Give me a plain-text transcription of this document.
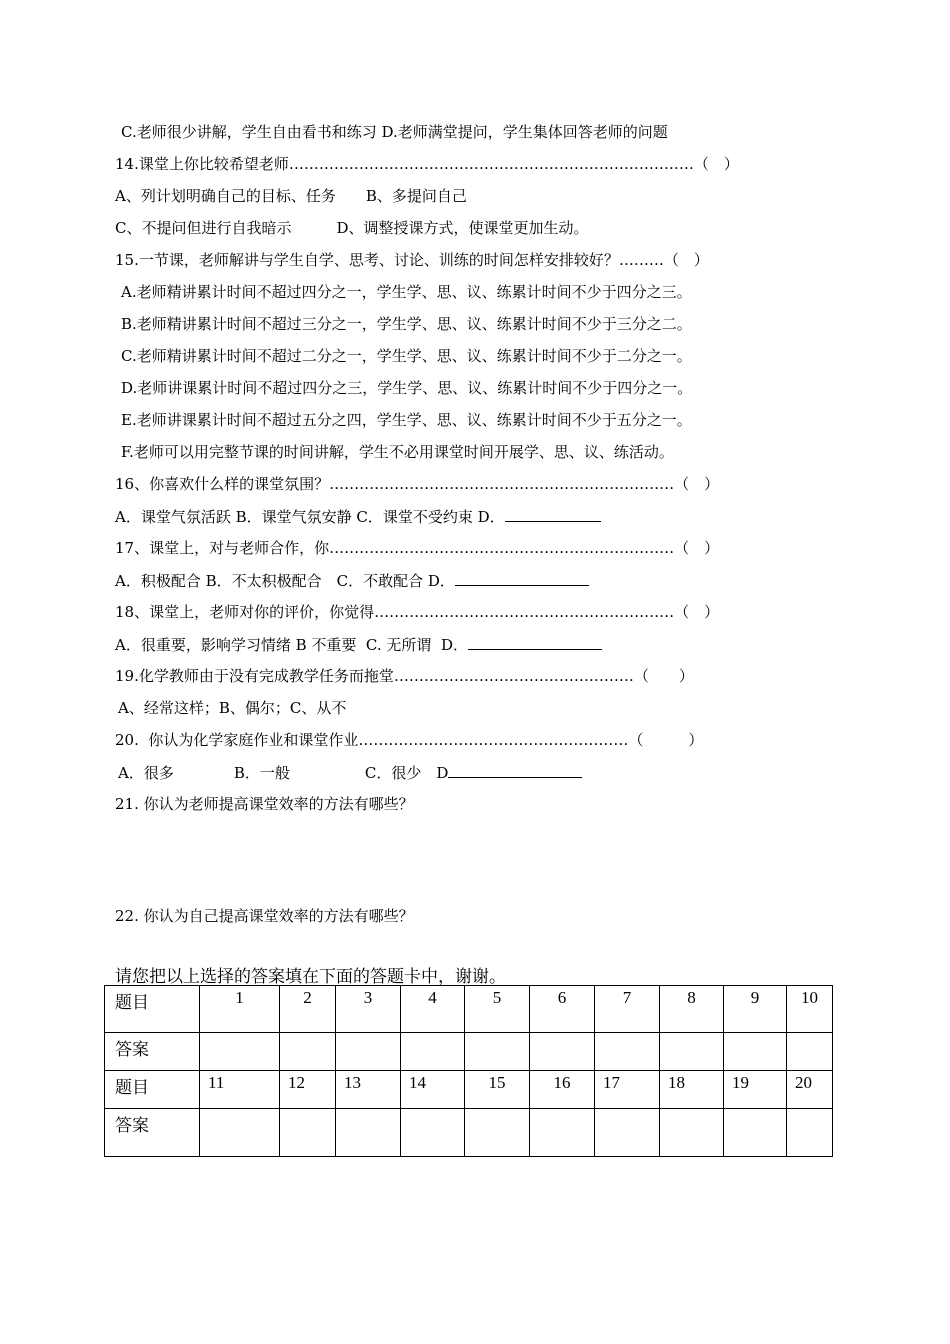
C.老师很少讲解，学生自由看书和练习 D.老师满堂提问，学生集体回答老师的问题
14.课堂上你比较希望老师………………………………………………………………………（　）
A、列计划明确自己的目标、任务　　B、多提问自己
C、不提问但进行自我暗示　　　D、调整授课方式，使课堂更加生动。
15.一节课，老师解讲与学生自学、思考、讨论、训练的时间怎样安排较好？………（　）
A.老师精讲累计时间不超过四分之一，学生学、思、议、练累计时间不少于四分之三。
B.老师精讲累计时间不超过三分之一，学生学、思、议、练累计时间不少于三分之二。
C.老师精讲累计时间不超过二分之一，学生学、思、议、练累计时间不少于二分之一。
D.老师讲课累计时间不超过四分之三，学生学、思、议、练累计时间不少于四分之一。
E.老师讲课累计时间不超过五分之四，学生学、思、议、练累计时间不少于五分之一。
F.老师可以用完整节课的时间讲解，学生不必用课堂时间开展学、思、议、练活动。
16、你喜欢什么样的课堂氛围？……………………………………………………………（　）
A．课堂气氛活跃 B．课堂气氛安静 C．课堂不受约束 D．
17、课堂上，对与老师合作，你……………………………………………………………（　）
A．积极配合 B．不太积极配合　C．不敢配合 D．
18、课堂上，老师对你的评价，你觉得……………………………………………………（　）
A．很重要，影响学习情绪 B 不重要  C. 无所谓  D．
19.化学教师由于没有完成教学任务而拖堂…………………………………………（　　）
A、经常这样；B、偶尔；C、从不
20.  你认为化学家庭作业和课堂作业………………………………………………（　　　）
A．很多　　　　B．一般　　　　　C．很少　D
21. 你认为老师提高课堂效率的方法有哪些？
22. 你认为自己提高课堂效率的方法有哪些？
请您把以上选择的答案填在下面的答题卡中，谢谢。
题目	1	2	3	4	5	6	7	8	9	10
答案										
题目	11	12	13	14	15	16	17	18	19	20
答案										
